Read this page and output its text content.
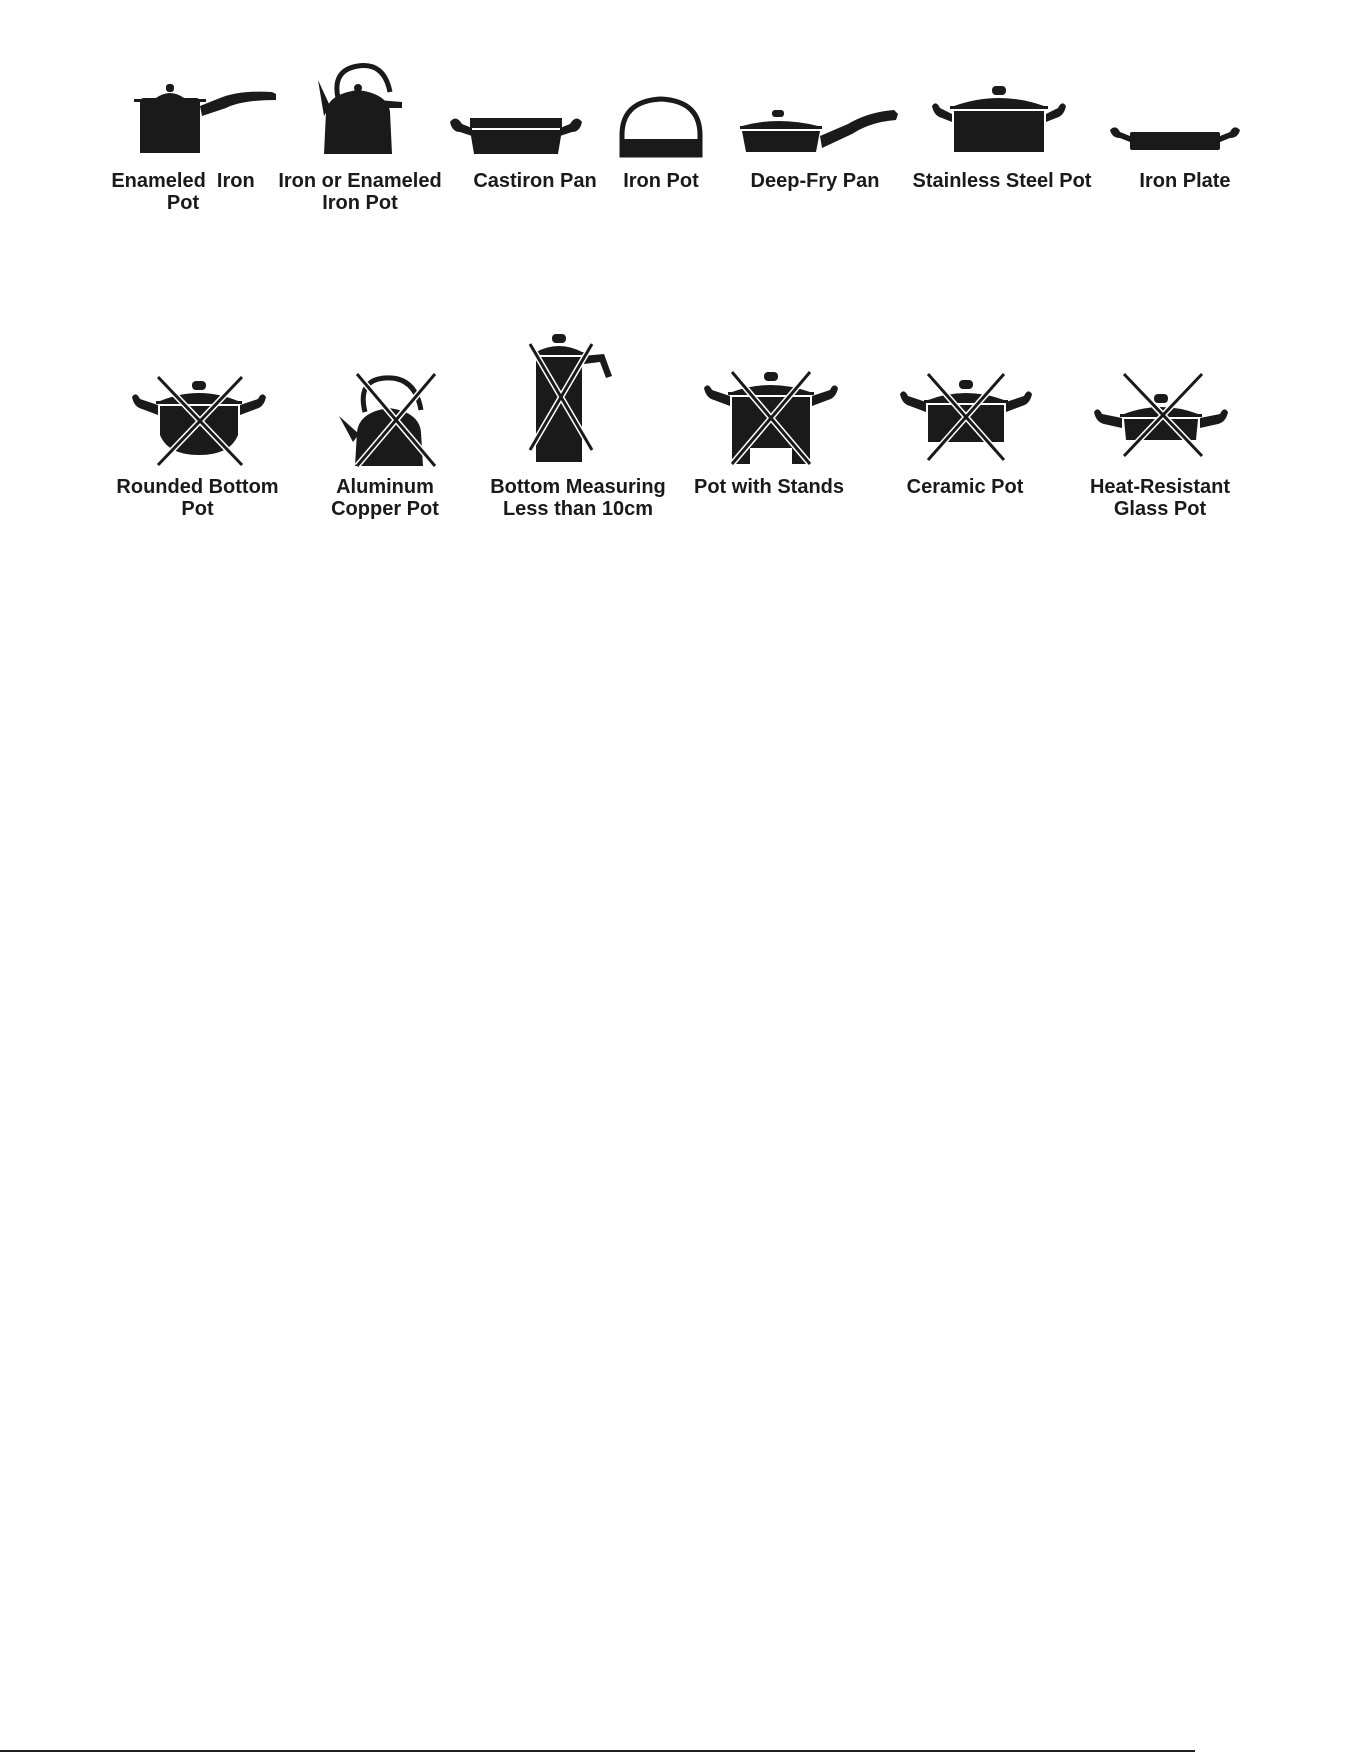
Enameled  Iron
Pot
Iron or Enameled
Iron Pot
Castiron Pan	Iron Pot	Deep-Fry Pan	Stainless Steel Pot	Iron Plate
Rounded Bottom
Pot
Aluminum
Copper Pot
Bottom Measuring
Less than 10cm
Pot with Stands	Ceramic Pot	Heat-Resistant
Glass Pot
